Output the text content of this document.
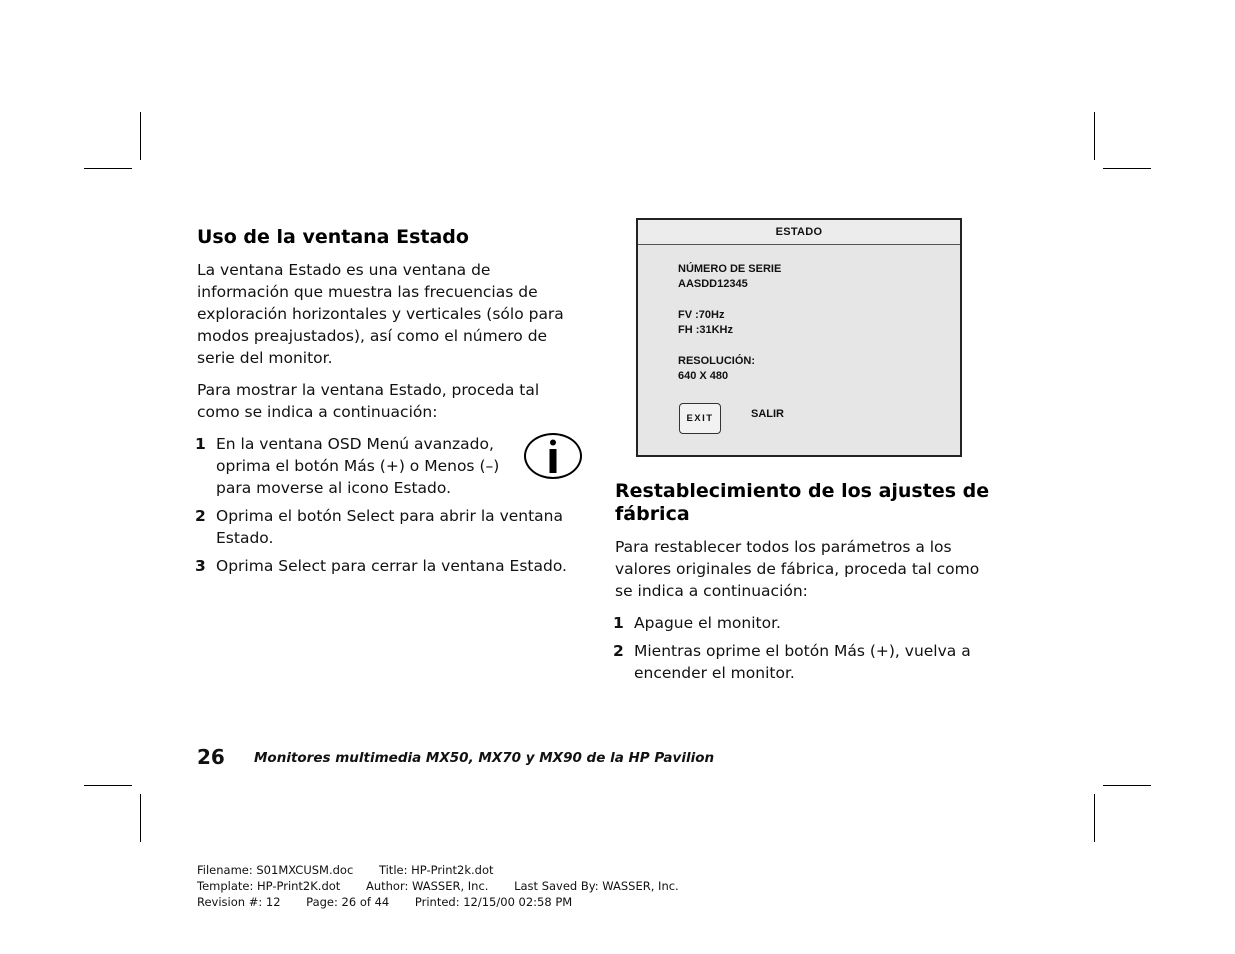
Uso de la ventana Estado

La ventana Estado es una ventana de información que muestra las frecuencias de exploración horizontales y verticales (sólo para modos preajustados), así como el número de serie del monitor.

Para mostrar la ventana Estado, proceda tal como se indica a continuación:

1 En la ventana OSD Menú avanzado, oprima el botón Más (+) o Menos (–) para moverse al icono Estado.
2 Oprima el botón Select para abrir la ventana Estado.
3 Oprima Select para cerrar la ventana Estado.
ESTADO
NÚMERO DE SERIE
AASDD12345
FV :70Hz
FH :31KHz
RESOLUCIÓN:
640 X 480
EXIT	SALIR
Restablecimiento de los ajustes de fábrica

Para restablecer todos los parámetros a los valores originales de fábrica, proceda tal como se indica a continuación:

1 Apague el monitor.
2 Mientras oprime el botón Más (+), vuelva a encender el monitor.
26 Monitores multimedia MX50, MX70 y MX90 de la HP Pavilion
Filename: S01MXCUSM.doc Title: HP-Print2k.dot
Template: HP-Print2K.dot Author: WASSER, Inc. Last Saved By: WASSER, Inc.
Revision #: 12 Page: 26 of 44 Printed: 12/15/00 02:58 PM
